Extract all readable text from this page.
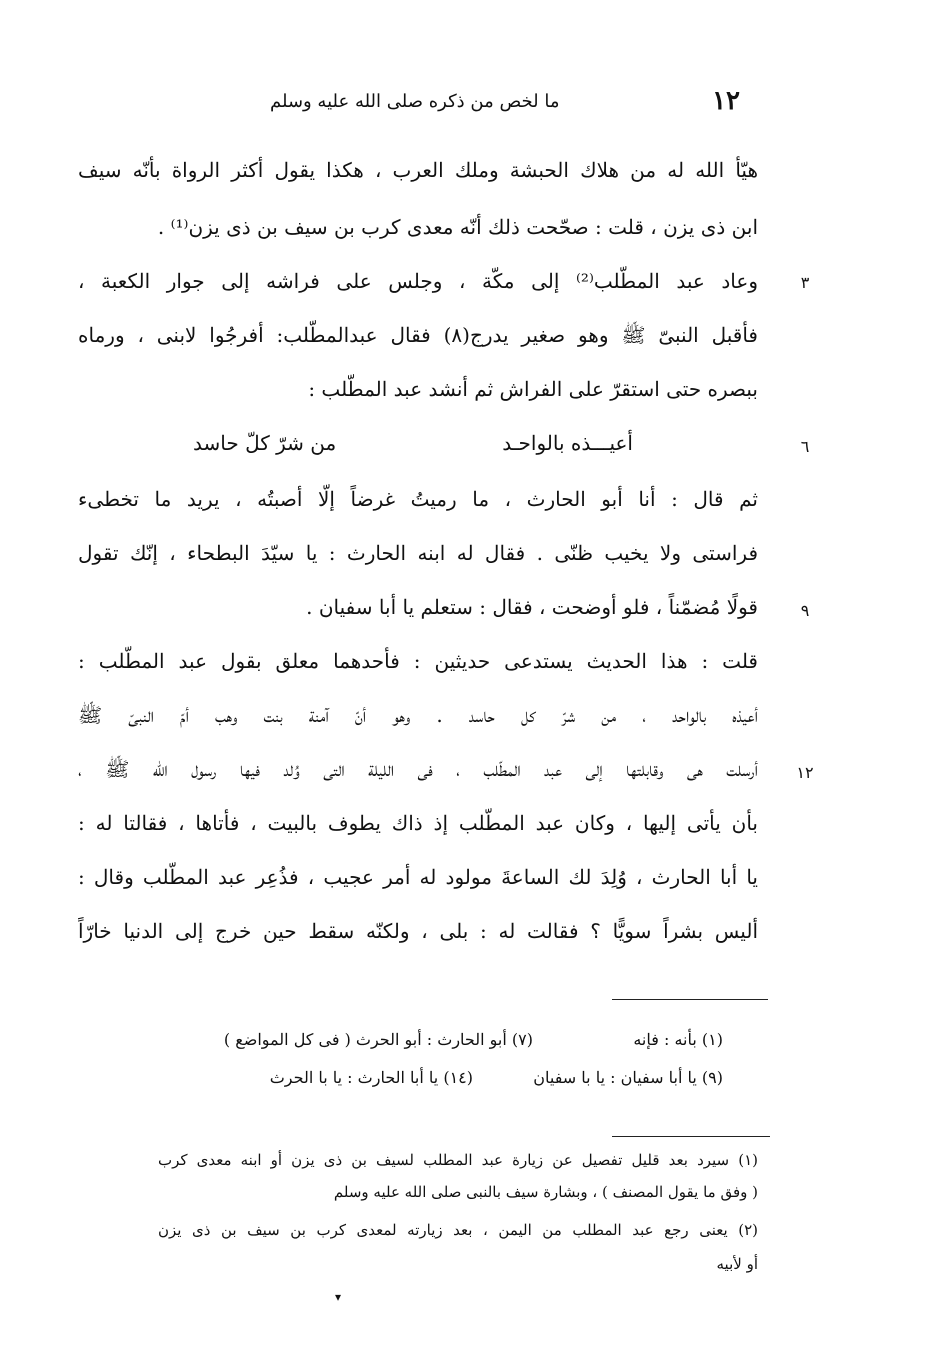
١٢
ما لخص من ذكره صلى الله عليه وسلم
هيّأ الله له من هلاك الحبشة وملك العرب ، هكذا يقول أكثر الرواة بأنّه سيف
ابن ذى يزن ، قلت : صحّحت ذلك أنّه معدى كرب بن سيف بن ذى يزن⁽¹⁾ .
وعاد عبد المطّلب⁽²⁾ إلى مكّة ، وجلس على فراشه إلى جوار الكعبة ،
فأقبل النبىّ ﷺ وهو صغير يدرج(٨) فقال عبدالمطّلب: أفرجُوا لابنى ، ورماه
ببصره حتى استقرّ على الفراش ثم أنشد عبد المطّلب :
أعيـــذه بالواحـد
من شرّ كلّ حاسد
ثم قال : أنا أبو الحارث ، ما رميتُ غرضاً إلّا أصبتُه ، يريد ما تخطىء
فراستى ولا يخيب ظنّى . فقال له ابنه الحارث : يا سيّدَ البطحاء ، إنّك تقول
قولًا مُضمّناً ، فلو أوضحت ، فقال : ستعلم يا أبا سفيان .
قلت : هذا الحديث يستدعى حديثين : فأحدهما معلق بقول عبد المطّلب :
أعيذه بالواحد ، من شرّ كل حاسد . وهو أنّ آمنة بنت وهب أمّ النبىّ ﷺ
أرسلت هى وقابلتها إلى عبد المطّلب ، فى الليلة التى وُلد فيها رسول الله ﷺ ،
بأن يأتى إليها ، وكان عبد المطّلب إذ ذاك يطوف بالبيت ، فأتاها ، فقالتا له :
يا أبا الحارث ، وُلِدَ لك الساعةَ مولود له أمر عجيب ، فذُعِر عبد المطّلب وقال :
أليس بشراً سويًّا ؟ فقالت له : بلى ، ولكنّه سقط حين خرج إلى الدنيا خارّاً
٣
٦
٩
١٢
(١) بأنه : فإنه
(٧) أبو الحارث : أبو الحرث ( فى كل المواضع )
(٩) يا أبا سفيان : يا با سفيان
(١٤) يا أبا الحارث : يا با الحرث
(١) سيرد بعد قليل تفصيل عن زيارة عبد المطلب لسيف بن ذى يزن أو ابنه معدى كرب
( وفق ما يقول المصنف ) ، وبشارة سيف بالنبى صلى الله عليه وسلم
(٢) يعنى رجع عبد المطلب من اليمن ، بعد زيارته لمعدى كرب بن سيف بن ذى يزن
أو لأبيه
▾
